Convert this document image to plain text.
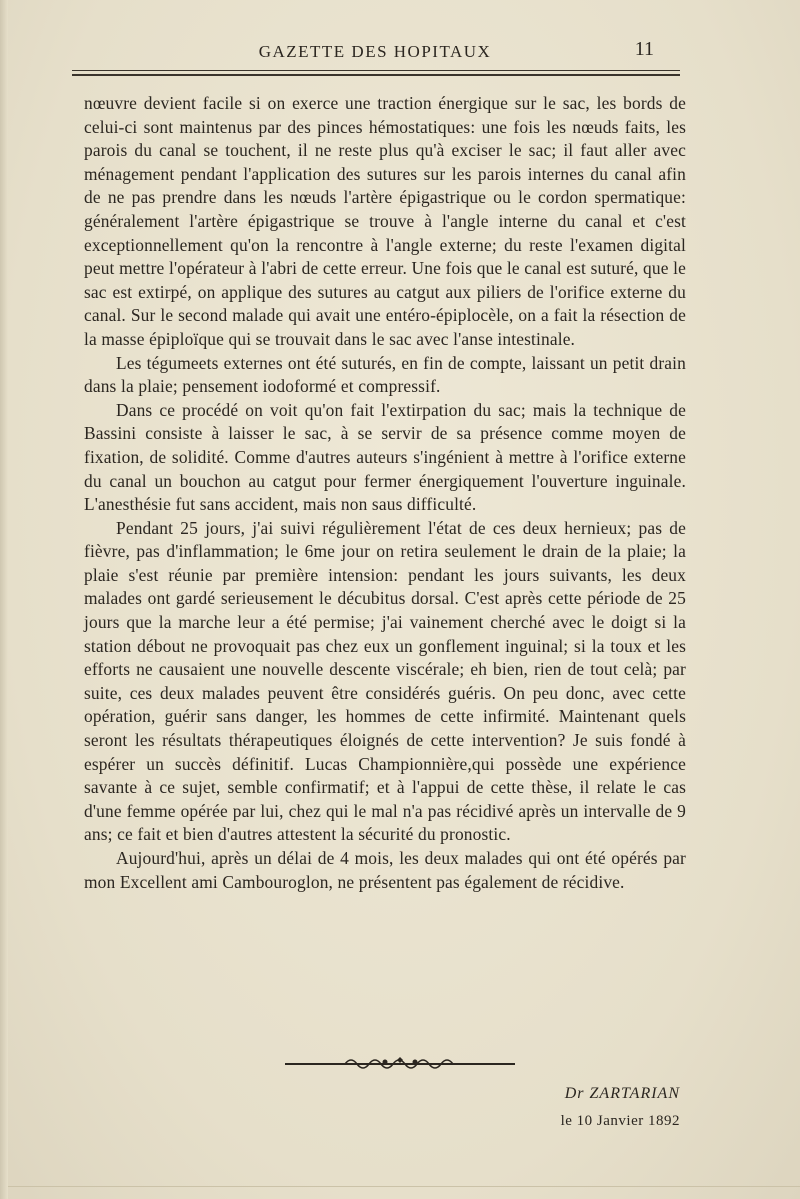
GAZETTE DES HOPITAUX	11

nœuvre devient facile si on exerce une traction énergique sur le sac, les bords de celui-ci sont maintenus par des pinces hémostatiques: une fois les nœuds faits, les parois du canal se touchent, il ne reste plus qu'à exciser le sac; il faut aller avec ménagement pendant l'application des sutures sur les parois internes du canal afin de ne pas prendre dans les nœuds l'artère épigastrique ou le cordon spermatique: généralement l'artère épigastrique se trouve à l'angle interne du canal et c'est exceptionnellement qu'on la rencontre à l'angle externe; du reste l'examen digital peut mettre l'opérateur à l'abri de cette erreur. Une fois que le canal est suturé, que le sac est extirpé, on applique des sutures au catgut aux piliers de l'orifice externe du canal. Sur le second malade qui avait une entéro-épiplocèle, on a fait la résection de la masse épiploïque qui se trouvait dans le sac avec l'anse intestinale.

Les tégumeets externes ont été suturés, en fin de compte, laissant un petit drain dans la plaie; pensement iodoformé et compressif.

Dans ce procédé on voit qu'on fait l'extirpation du sac; mais la technique de Bassini consiste à laisser le sac, à se servir de sa présence comme moyen de fixation, de solidité. Comme d'autres auteurs s'ingénient à mettre à l'orifice externe du canal un bouchon au catgut pour fermer énergiquement l'ouverture inguinale. L'anesthésie fut sans accident, mais non saus difficulté.

Pendant 25 jours, j'ai suivi régulièrement l'état de ces deux hernieux; pas de fièvre, pas d'inflammation; le 6me jour on retira seulement le drain de la plaie; la plaie s'est réunie par première intension: pendant les jours suivants, les deux malades ont gardé serieusement le décubitus dorsal. C'est après cette période de 25 jours que la marche leur a été permise; j'ai vainement cherché avec le doigt si la station débout ne provoquait pas chez eux un gonflement inguinal; si la toux et les efforts ne causaient une nouvelle descente viscérale; eh bien, rien de tout celà; par suite, ces deux malades peuvent être considérés guéris. On peu donc, avec cette opération, guérir sans danger, les hommes de cette infirmité. Maintenant quels seront les résultats thérapeutiques éloignés de cette intervention? Je suis fondé à espérer un succès définitif. Lucas Championnière,qui possède une expérience savante à ce sujet, semble confirmatif; et à l'appui de cette thèse, il relate le cas d'une femme opérée par lui, chez qui le mal n'a pas récidivé après un intervalle de 9 ans; ce fait et bien d'autres attestent la sécurité du pronostic.

Aujourd'hui, après un délai de 4 mois, les deux malades qui ont été opérés par mon Excellent ami Cambouroglon, ne présentent pas également de récidive.

Dr ZARTARIAN
le 10 Janvier 1892
